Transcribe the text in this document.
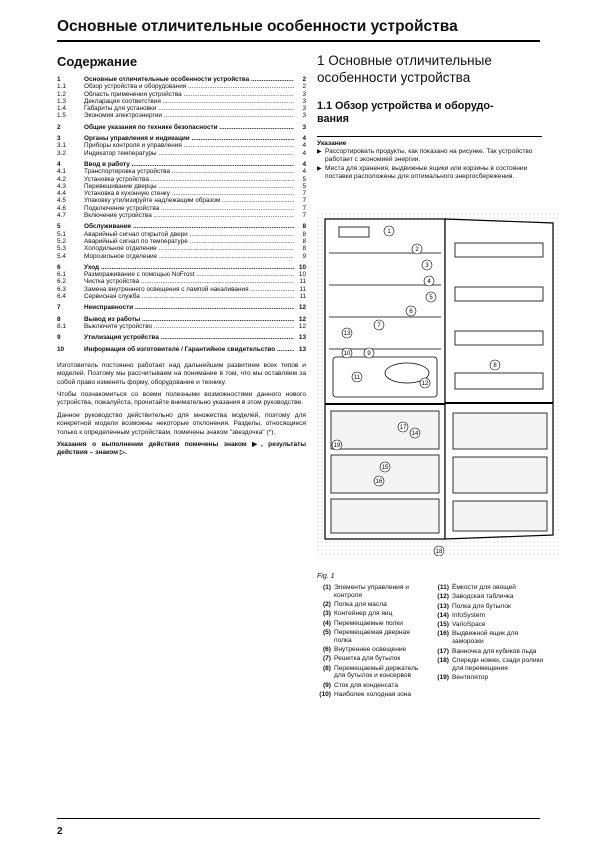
Основные отличительные особенности устройства
Содержание
1	Основные отличительные особенности устройства .....	2
1.1	Обзор устройства и оборудования .....	2
1.2	Область применения устройства .....	3
1.3	Декларация соответствия .....	3
1.4	Габариты для установки .....	3
1.5	Экономия электроэнергии .....	3
2	Общие указания по технике безопасности .....	3
3	Органы управления и индикации .....	4
3.1	Приборы контроля и управления .....	4
3.2	Индикатор температуры .....	4
4	Ввод в работу .....	4
4.1	Транспортировка устройства .....	4
4.2	Установка устройства .....	5
4.3	Перевешивание дверцы .....	5
4.4	Установка в кухонную стенку .....	7
4.5	Упаковку утилизируйте надлежащим образом .....	7
4.6	Подключение устройства .....	7
4.7	Включение устройства .....	7
5	Обслуживание .....	8
5.1	Аварийный сигнал открытой двери .....	8
5.2	Аварийный сигнал по температуре .....	8
5.3	Холодильное отделение .....	8
5.4	Морозильное отделение .....	9
6	Уход .....	10
6.1	Размораживание с помощью NoFrost .....	10
6.2	Чистка устройства .....	11
6.3	Замена внутреннего освещения с лампой накаливания .....	11
6.4	Сервисная служба .....	11
7	Неисправности .....	12
8	Вывод из работы .....	12
8.1	Выключите устройство .....	12
9	Утилизация устройства .....	13
10	Информация об изготовителе / Гарантийное свидетельство .....	13

Изготовитель постоянно работает над дальнейшим развитием всех типов и моделей. Поэтому мы рассчитываем на понимание в том, что мы оставляем за собой право изменять форму, оборудование и технику.

Чтобы познакомиться со всеми полезными возможностями данного нового устройства, пожалуйста, прочитайте внимательно указания в этом руководстве.

Данное руководство действительно для множества моделей, поэтому для конкретной модели возможны некоторые отклонения. Разделы, относящиеся только к определенным устройствам, помечены знаком "звездочка" (*).

Указания о выполнении действия помечены знаком ▶, результаты действия – знаком ▷.

1 Основные отличительные
особенности устройства
1.1 Обзор устройства и оборудо-
вания
Указание
▶ Рассортировать продукты, как показано на рисунке. Так устройство работает с экономией энергии.
▶ Места для хранения, выдвижные ящики или корзины в состоянии поставки расположены для оптимального энергосбережения.
1
2
3
4
5
6
7
8
9
10
11
12
13
14
15
16
17
18
19
Fig. 1
(1) Элементы управления и контроля
(2) Полка для масла
(3) Контейнер для яиц
(4) Перемещаемые полки
(5) Перемещаемая дверная полка
(6) Внутреннее освещение
(7) Решетка для бутылок
(8) Перемещаемый держатель для бутылок и консервов
(9) Сток для конденсата
(10) Наиболее холодная зона
(11) Ёмкости для овощей
(12) Заводская табличка
(13) Полка для бутылок
(14) InfoSystem
(15) VarioSpace
(16) Выдвижной ящик для заморозки
(17) Ванночка для кубиков льда
(18) Спереди ножки, сзади ролики для перемещения
(19) Вентилятор
2
